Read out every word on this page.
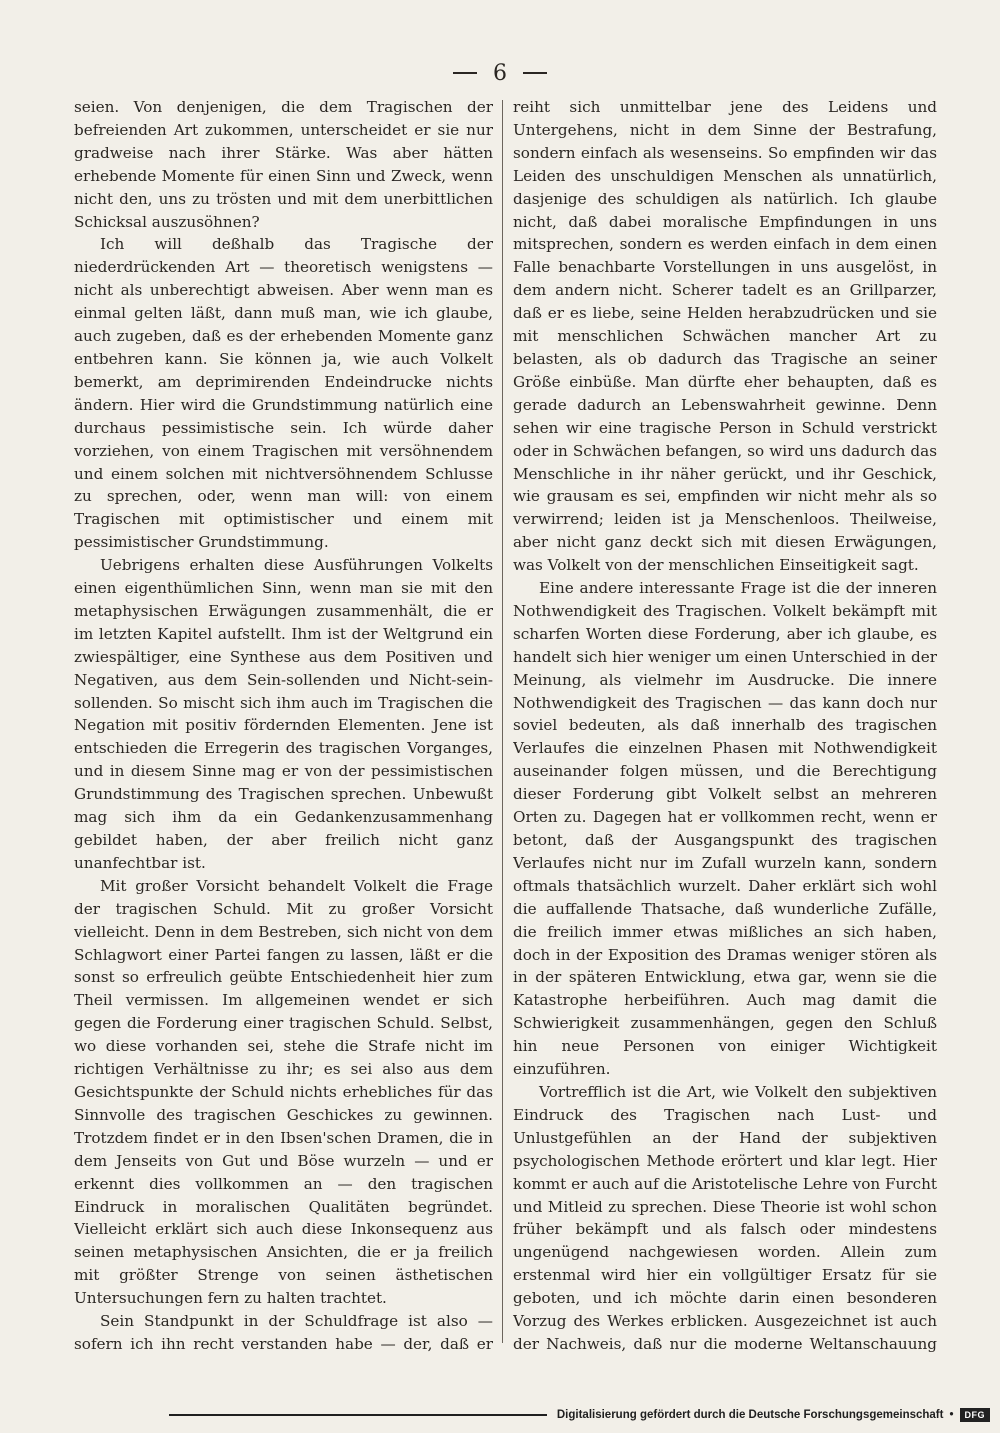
6

seien. Von denjenigen, die dem Tragischen der befreienden Art zukommen, unterscheidet er sie nur gradweise nach ihrer Stärke. Was aber hätten erhebende Momente für einen Sinn und Zweck, wenn nicht den, uns zu trösten und mit dem unerbittlichen Schicksal auszusöhnen?

Ich will deßhalb das Tragische der niederdrückenden Art — theoretisch wenigstens — nicht als unberechtigt abweisen. Aber wenn man es einmal gelten läßt, dann muß man, wie ich glaube, auch zugeben, daß es der erhebenden Momente ganz entbehren kann. Sie können ja, wie auch Volkelt bemerkt, am deprimirenden Endeindrucke nichts ändern. Hier wird die Grundstimmung natürlich eine durchaus pessimistische sein. Ich würde daher vorziehen, von einem Tragischen mit versöhnendem und einem solchen mit nichtversöhnendem Schlusse zu sprechen, oder, wenn man will: von einem Tragischen mit optimistischer und einem mit pessimistischer Grundstimmung.

Uebrigens erhalten diese Ausführungen Volkelts einen eigenthümlichen Sinn, wenn man sie mit den metaphysischen Erwägungen zusammenhält, die er im letzten Kapitel aufstellt. Ihm ist der Weltgrund ein zwiespältiger, eine Synthese aus dem Positiven und Negativen, aus dem Sein-sollenden und Nicht-sein-sollenden. So mischt sich ihm auch im Tragischen die Negation mit positiv fördernden Elementen. Jene ist entschieden die Erregerin des tragischen Vorganges, und in diesem Sinne mag er von der pessimistischen Grundstimmung des Tragischen sprechen. Unbewußt mag sich ihm da ein Gedankenzusammenhang gebildet haben, der aber freilich nicht ganz unanfechtbar ist.

Mit großer Vorsicht behandelt Volkelt die Frage der tragischen Schuld. Mit zu großer Vorsicht vielleicht. Denn in dem Bestreben, sich nicht von dem Schlagwort einer Partei fangen zu lassen, läßt er die sonst so erfreulich geübte Entschiedenheit hier zum Theil vermissen. Im allgemeinen wendet er sich gegen die Forderung einer tragischen Schuld. Selbst, wo diese vorhanden sei, stehe die Strafe nicht im richtigen Verhältnisse zu ihr; es sei also aus dem Gesichtspunkte der Schuld nichts erhebliches für das Sinnvolle des tragischen Geschickes zu gewinnen. Trotzdem findet er in den Ibsen'schen Dramen, die in dem Jenseits von Gut und Böse wurzeln — und er erkennt dies vollkommen an — den tragischen Eindruck in moralischen Qualitäten begründet. Vielleicht erklärt sich auch diese Inkonsequenz aus seinen metaphysischen Ansichten, die er ja freilich mit größter Strenge von seinen ästhetischen Untersuchungen fern zu halten trachtet.

Sein Standpunkt in der Schuldfrage ist also — sofern ich ihn recht verstanden habe — der, daß er

reiht sich unmittelbar jene des Leidens und Untergehens, nicht in dem Sinne der Bestrafung, sondern einfach als wesenseins. So empfinden wir das Leiden des unschuldigen Menschen als unnatürlich, dasjenige des schuldigen als natürlich. Ich glaube nicht, daß dabei moralische Empfindungen in uns mitsprechen, sondern es werden einfach in dem einen Falle benachbarte Vorstellungen in uns ausgelöst, in dem andern nicht. Scherer tadelt es an Grillparzer, daß er es liebe, seine Helden herabzudrücken und sie mit menschlichen Schwächen mancher Art zu belasten, als ob dadurch das Tragische an seiner Größe einbüße. Man dürfte eher behaupten, daß es gerade dadurch an Lebenswahrheit gewinne. Denn sehen wir eine tragische Person in Schuld verstrickt oder in Schwächen befangen, so wird uns dadurch das Menschliche in ihr näher gerückt, und ihr Geschick, wie grausam es sei, empfinden wir nicht mehr als so verwirrend; leiden ist ja Menschenloos. Theilweise, aber nicht ganz deckt sich mit diesen Erwägungen, was Volkelt von der menschlichen Einseitigkeit sagt.

Eine andere interessante Frage ist die der inneren Nothwendigkeit des Tragischen. Volkelt bekämpft mit scharfen Worten diese Forderung, aber ich glaube, es handelt sich hier weniger um einen Unterschied in der Meinung, als vielmehr im Ausdrucke. Die innere Nothwendigkeit des Tragischen — das kann doch nur soviel bedeuten, als daß innerhalb des tragischen Verlaufes die einzelnen Phasen mit Nothwendigkeit auseinander folgen müssen, und die Berechtigung dieser Forderung gibt Volkelt selbst an mehreren Orten zu. Dagegen hat er vollkommen recht, wenn er betont, daß der Ausgangspunkt des tragischen Verlaufes nicht nur im Zufall wurzeln kann, sondern oftmals thatsächlich wurzelt. Daher erklärt sich wohl die auffallende Thatsache, daß wunderliche Zufälle, die freilich immer etwas mißliches an sich haben, doch in der Exposition des Dramas weniger stören als in der späteren Entwicklung, etwa gar, wenn sie die Katastrophe herbeiführen. Auch mag damit die Schwierigkeit zusammenhängen, gegen den Schluß hin neue Personen von einiger Wichtigkeit einzuführen.

Vortrefflich ist die Art, wie Volkelt den subjektiven Eindruck des Tragischen nach Lust- und Unlustgefühlen an der Hand der subjektiven psychologischen Methode erörtert und klar legt. Hier kommt er auch auf die Aristotelische Lehre von Furcht und Mitleid zu sprechen. Diese Theorie ist wohl schon früher bekämpft und als falsch oder mindestens ungenügend nachgewiesen worden. Allein zum erstenmal wird hier ein vollgültiger Ersatz für sie geboten, und ich möchte darin einen besonderen Vorzug des Werkes erblicken. Ausgezeichnet ist auch der Nachweis, daß nur die moderne Weltanschauung

Digitalisierung gefördert durch die Deutsche Forschungsgemeinschaft • DFG
